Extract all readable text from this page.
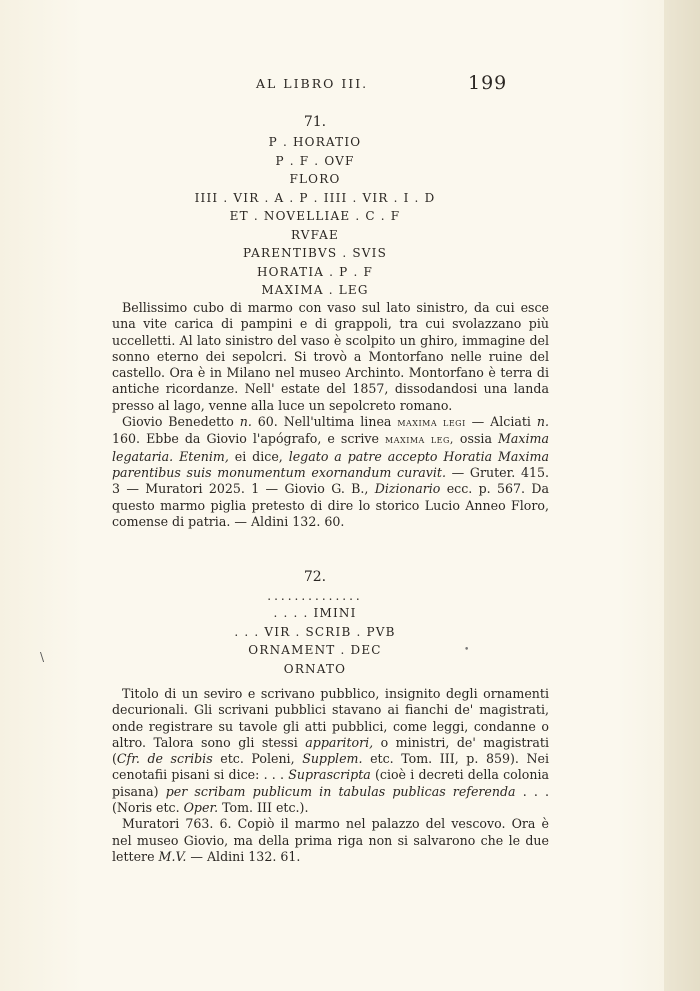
AL LIBRO III.	199
71.
P . HORATIO
P . F . OVF
FLORO
IIII . VIR . A . P . IIII . VIR . I . D
ET . NOVELLIAE . C . F
RVFAE
PARENTIBVS . SVIS
HORATIA . P . F
MAXIMA . LEG

Bellissimo cubo di marmo con vaso sul lato sinistro, da cui esce una vite carica di pampini e di grappoli, tra cui svolazzano più uccelletti. Al lato sinistro del vaso è scolpito un ghiro, immagine del sonno eterno dei sepolcri. Si trovò a Montorfano nelle ruine del castello. Ora è in Milano nel museo Archinto. Montorfano è terra di antiche ricordanze. Nell' estate del 1857, dissodandosi una landa presso al lago, venne alla luce un sepolcreto romano.

Giovio Benedetto n. 60. Nell'ultima linea maxima legi — Alciati n. 160. Ebbe da Giovio l'apógrafo, e scrive maxima leg, ossia Maxima legataria. Etenim, ei dice, legato a patre accepto Horatia Maxima parentibus suis monumentum exornandum curavit. — Gruter. 415. 3 — Muratori 2025. 1 — Giovio G. B., Dizionario ecc. p. 567. Da questo marmo piglia pretesto di dire lo storico Lucio Anneo Floro, comense di patria. — Aldini 132. 60.

72.
..............
. . . . IMINI
. . . VIR . SCRIB . PVB
ORNAMENT . DEC
ORNATO
\	•

Titolo di un seviro e scrivano pubblico, insignito degli ornamenti decurionali. Gli scrivani pubblici stavano ai fianchi de' magistrati, onde registrare su tavole gli atti pubblici, come leggi, condanne o altro. Talora sono gli stessi apparitori, o ministri, de' magistrati (Cfr. de scribis etc. Poleni, Supplem. etc. Tom. III, p. 859). Nei cenotafii pisani si dice: . . . Suprascripta (cioè i decreti della colonia pisana) per scribam publicum in tabulas publicas referenda . . . (Noris etc. Oper. Tom. III etc.).

Muratori 763. 6. Copiò il marmo nel palazzo del vescovo. Ora è nel museo Giovio, ma della prima riga non si salvarono che le due lettere M.V. — Aldini 132. 61.
